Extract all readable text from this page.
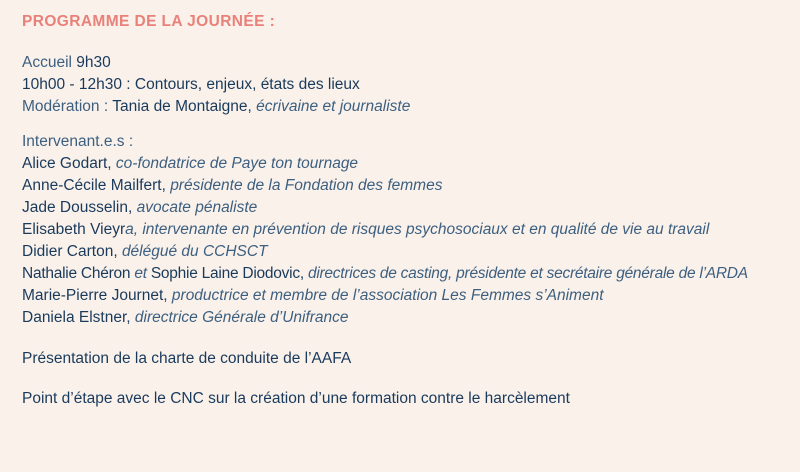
PROGRAMME DE LA JOURNÉE :
Accueil 9h30
10h00 - 12h30 : Contours, enjeux, états des lieux
Modération : Tania de Montaigne, écrivaine et journaliste
Intervenant.e.s :
Alice Godart, co-fondatrice de Paye ton tournage
Anne-Cécile Mailfert, présidente de la Fondation des femmes
Jade Dousselin, avocate pénaliste
Elisabeth Vieyra, intervenante en prévention de risques psychosociaux et en qualité de vie au travail
Didier Carton, délégué du CCHSCT
Nathalie Chéron et Sophie Laine Diodovic, directrices de casting, présidente et secrétaire générale de l’ARDA
Marie-Pierre Journet, productrice et membre de l’association Les Femmes s’Animent
Daniela Elstner, directrice Générale d’Unifrance
Présentation de la charte de conduite de l’AAFA
Point d’étape avec le CNC sur la création d’une formation contre le harcèlement
